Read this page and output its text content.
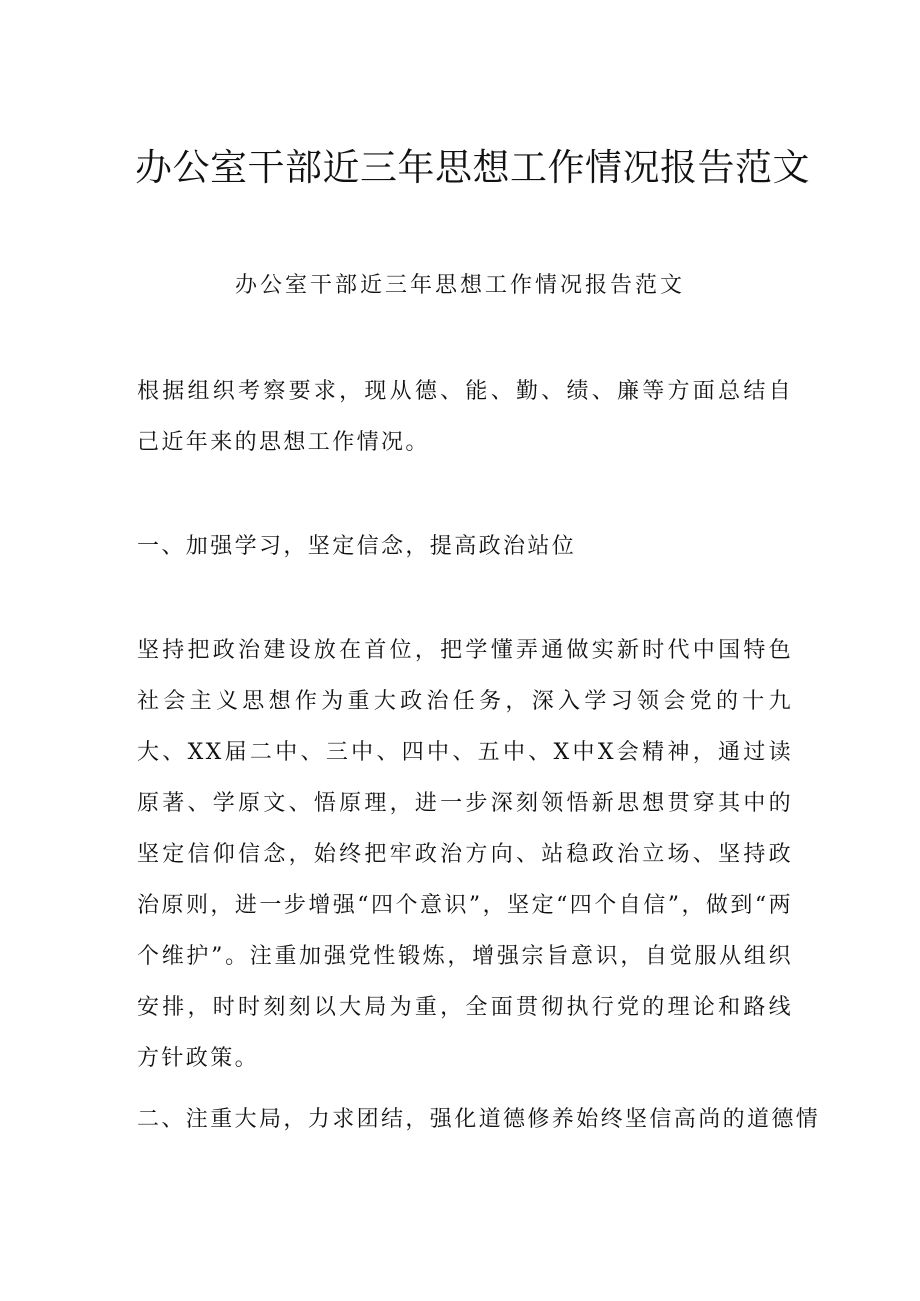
办公室干部近三年思想工作情况报告范文
办公室干部近三年思想工作情况报告范文
根据组织考察要求，现从德、能、勤、绩、廉等方面总结自己近年来的思想工作情况。
一、加强学习，坚定信念，提高政治站位
坚持把政治建设放在首位，把学懂弄通做实新时代中国特色社会主义思想作为重大政治任务，深入学习领会党的十九大、XX届二中、三中、四中、五中、X中X会精神，通过读原著、学原文、悟原理，进一步深刻领悟新思想贯穿其中的坚定信仰信念，始终把牢政治方向、站稳政治立场、坚持政治原则，进一步增强“四个意识”，坚定“四个自信”，做到“两个维护”。注重加强党性锻炼，增强宗旨意识，自觉服从组织安排，时时刻刻以大局为重，全面贯彻执行党的理论和路线方针政策。
二、注重大局，力求团结，强化道德修养始终坚信高尚的道德情
